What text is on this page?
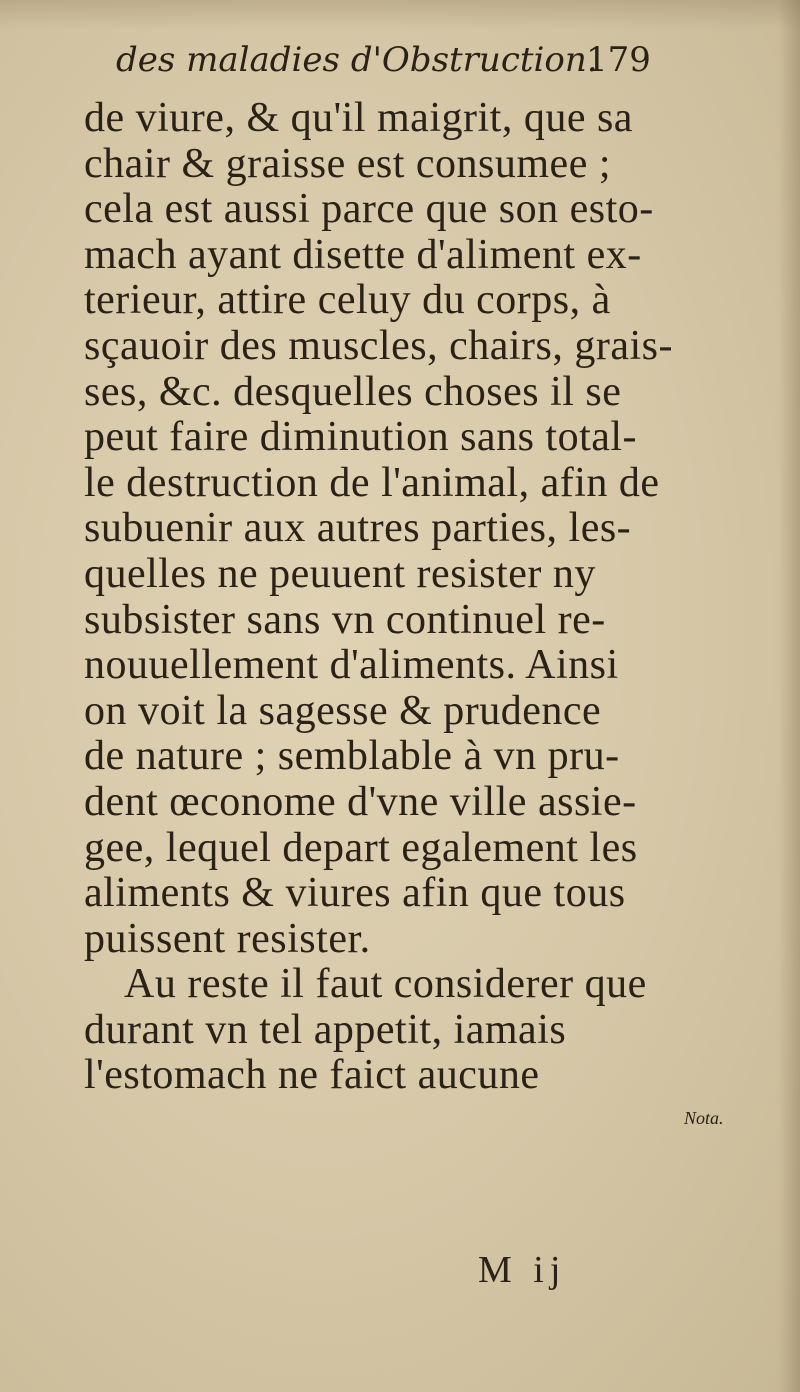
des maladies d'Obstruction.
179
de viure, & qu'il maigrit, que sa
chair & graisse est consumee ;
cela est aussi parce que son esto-
mach ayant disette d'aliment ex-
terieur, attire celuy du corps, à
sçauoir des muscles, chairs, grais-
ses, &c. desquelles choses il se
peut faire diminution sans total-
le destruction de l'animal, afin de
subuenir aux autres parties, les-
quelles ne peuuent resister ny
subsister sans vn continuel re-
nouuellement d'aliments. Ainsi
on voit la sagesse & prudence
de nature ; semblable à vn pru-
dent œconome d'vne ville assie-
gee, lequel depart egalement les
aliments & viures afin que tous
puissent resister.
Au reste il faut considerer que
durant vn tel appetit, iamais
l'estomach ne faict aucune
Nota.
M ij
